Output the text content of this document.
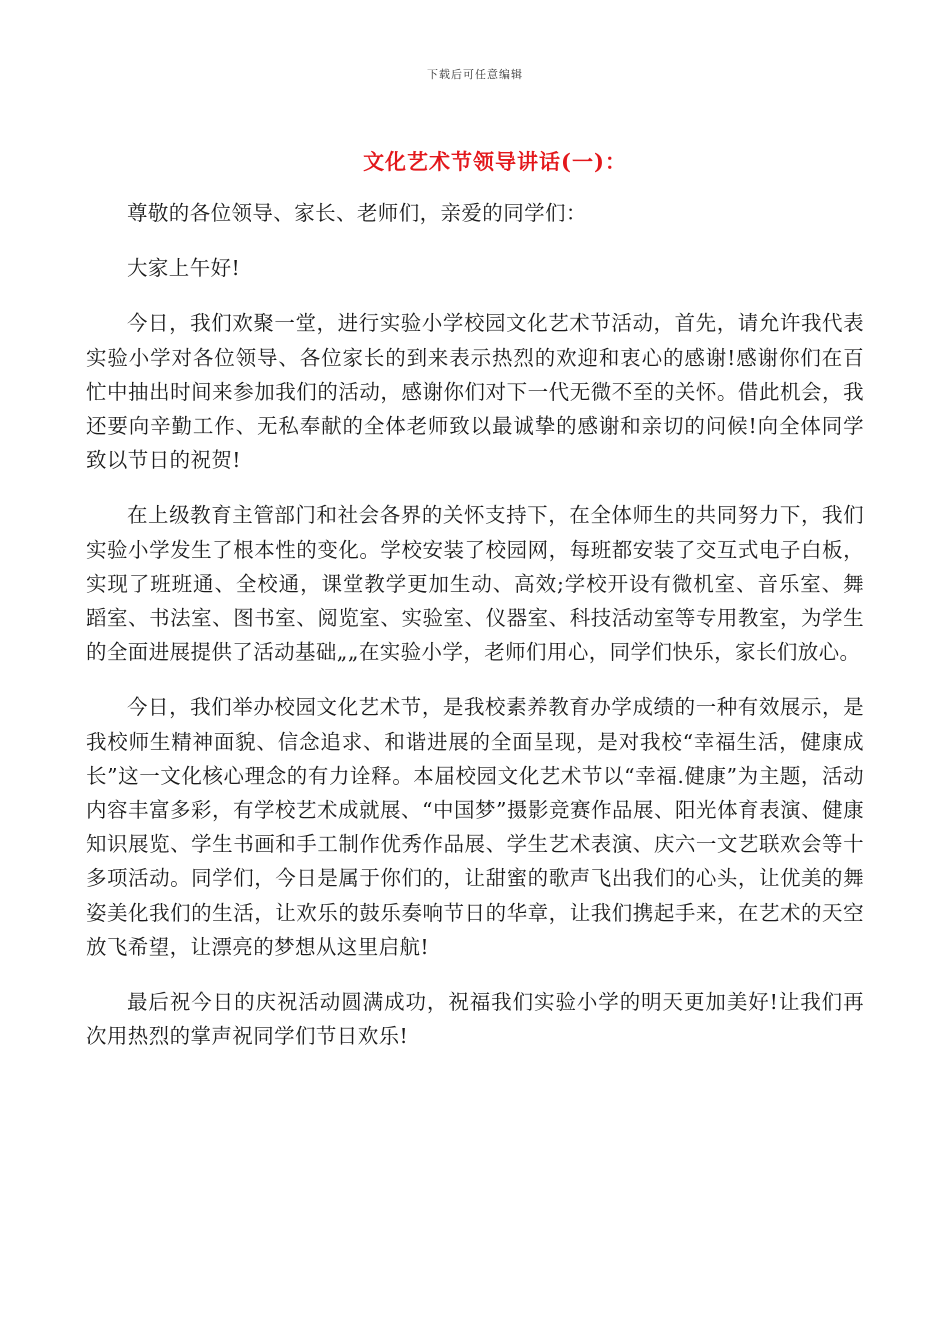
下载后可任意编辑
文化艺术节领导讲话(一)：

尊敬的各位领导、家长、老师们，亲爱的同学们：

大家上午好!

今日，我们欢聚一堂，进行实验小学校园文化艺术节活动，首先，请允许我代表实验小学对各位领导、各位家长的到来表示热烈的欢迎和衷心的感谢!感谢你们在百忙中抽出时间来参加我们的活动，感谢你们对下一代无微不至的关怀。借此机会，我还要向辛勤工作、无私奉献的全体老师致以最诚挚的感谢和亲切的问候!向全体同学致以节日的祝贺!

在上级教育主管部门和社会各界的关怀支持下，在全体师生的共同努力下，我们实验小学发生了根本性的变化。学校安装了校园网，每班都安装了交互式电子白板，实现了班班通、全校通，课堂教学更加生动、高效;学校开设有微机室、音乐室、舞蹈室、书法室、图书室、阅览室、实验室、仪器室、科技活动室等专用教室，为学生的全面进展提供了活动基础„„在实验小学，老师们用心，同学们快乐，家长们放心。

今日，我们举办校园文化艺术节，是我校素养教育办学成绩的一种有效展示，是我校师生精神面貌、信念追求、和谐进展的全面呈现，是对我校“幸福生活，健康成长”这一文化核心理念的有力诠释。本届校园文化艺术节以“幸福.健康”为主题，活动内容丰富多彩，有学校艺术成就展、“中国梦”摄影竞赛作品展、阳光体育表演、健康知识展览、学生书画和手工制作优秀作品展、学生艺术表演、庆六一文艺联欢会等十多项活动。同学们，今日是属于你们的，让甜蜜的歌声飞出我们的心头，让优美的舞姿美化我们的生活，让欢乐的鼓乐奏响节日的华章，让我们携起手来，在艺术的天空放飞希望，让漂亮的梦想从这里启航!

最后祝今日的庆祝活动圆满成功，祝福我们实验小学的明天更加美好!让我们再次用热烈的掌声祝同学们节日欢乐!
